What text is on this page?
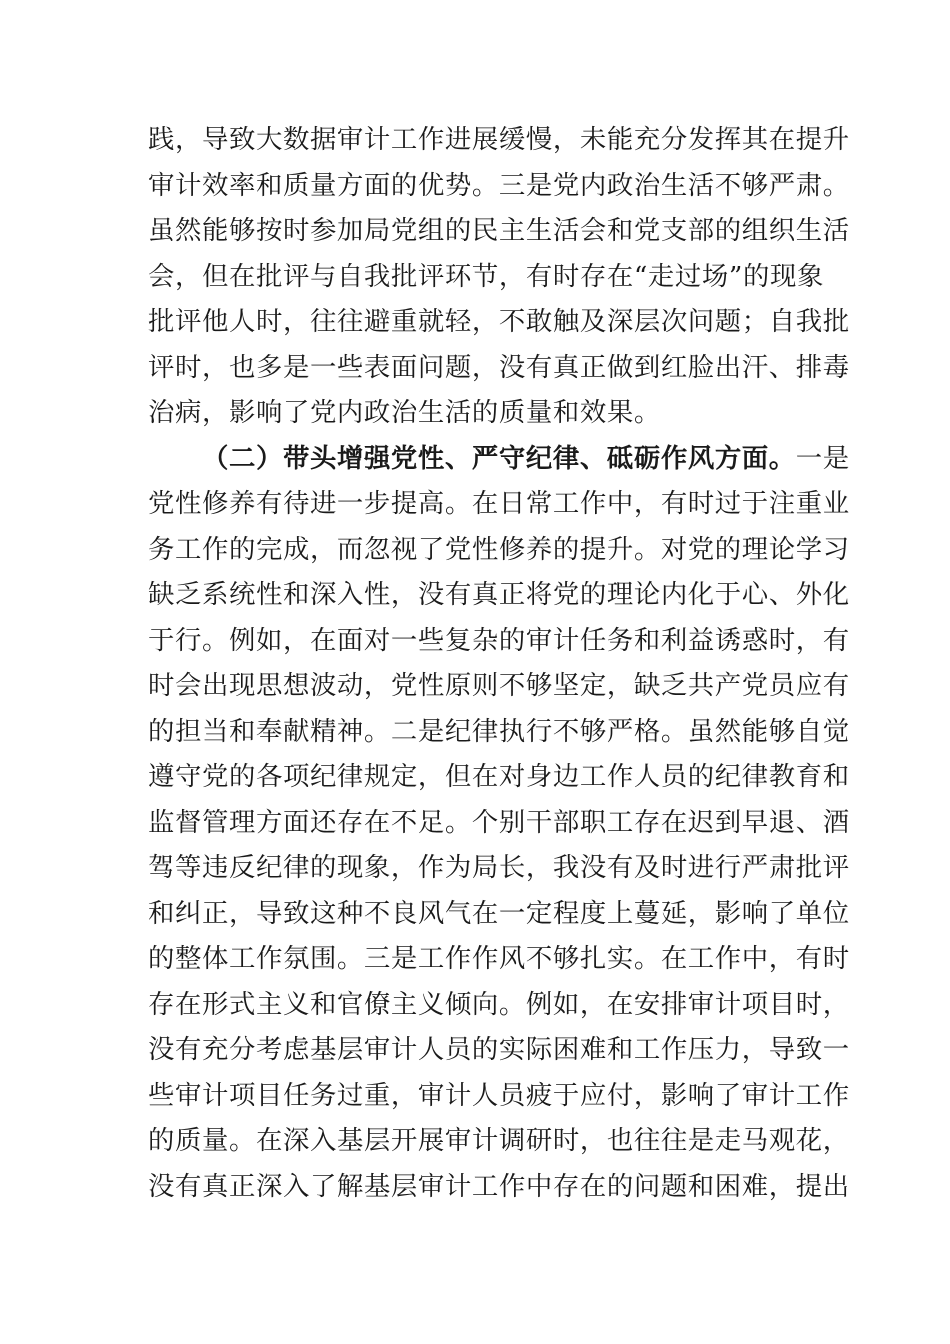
践，导致大数据审计工作进展缓慢，未能充分发挥其在提升
审计效率和质量方面的优势。三是党内政治生活不够严肃。
虽然能够按时参加局党组的民主生活会和党支部的组织生活
会，但在批评与自我批评环节，有时存在“走过场”的现象
批评他人时，往往避重就轻，不敢触及深层次问题；自我批
评时，也多是一些表面问题，没有真正做到红脸出汗、排毒
治病，影响了党内政治生活的质量和效果。
（二）带头增强党性、严守纪律、砥砺作风方面。一是
党性修养有待进一步提高。在日常工作中，有时过于注重业
务工作的完成，而忽视了党性修养的提升。对党的理论学习
缺乏系统性和深入性，没有真正将党的理论内化于心、外化
于行。例如，在面对一些复杂的审计任务和利益诱惑时，有
时会出现思想波动，党性原则不够坚定，缺乏共产党员应有
的担当和奉献精神。二是纪律执行不够严格。虽然能够自觉
遵守党的各项纪律规定，但在对身边工作人员的纪律教育和
监督管理方面还存在不足。个别干部职工存在迟到早退、酒
驾等违反纪律的现象，作为局长，我没有及时进行严肃批评
和纠正，导致这种不良风气在一定程度上蔓延，影响了单位
的整体工作氛围。三是工作作风不够扎实。在工作中，有时
存在形式主义和官僚主义倾向。例如，在安排审计项目时，
没有充分考虑基层审计人员的实际困难和工作压力，导致一
些审计项目任务过重，审计人员疲于应付，影响了审计工作
的质量。在深入基层开展审计调研时，也往往是走马观花，
没有真正深入了解基层审计工作中存在的问题和困难，提出
